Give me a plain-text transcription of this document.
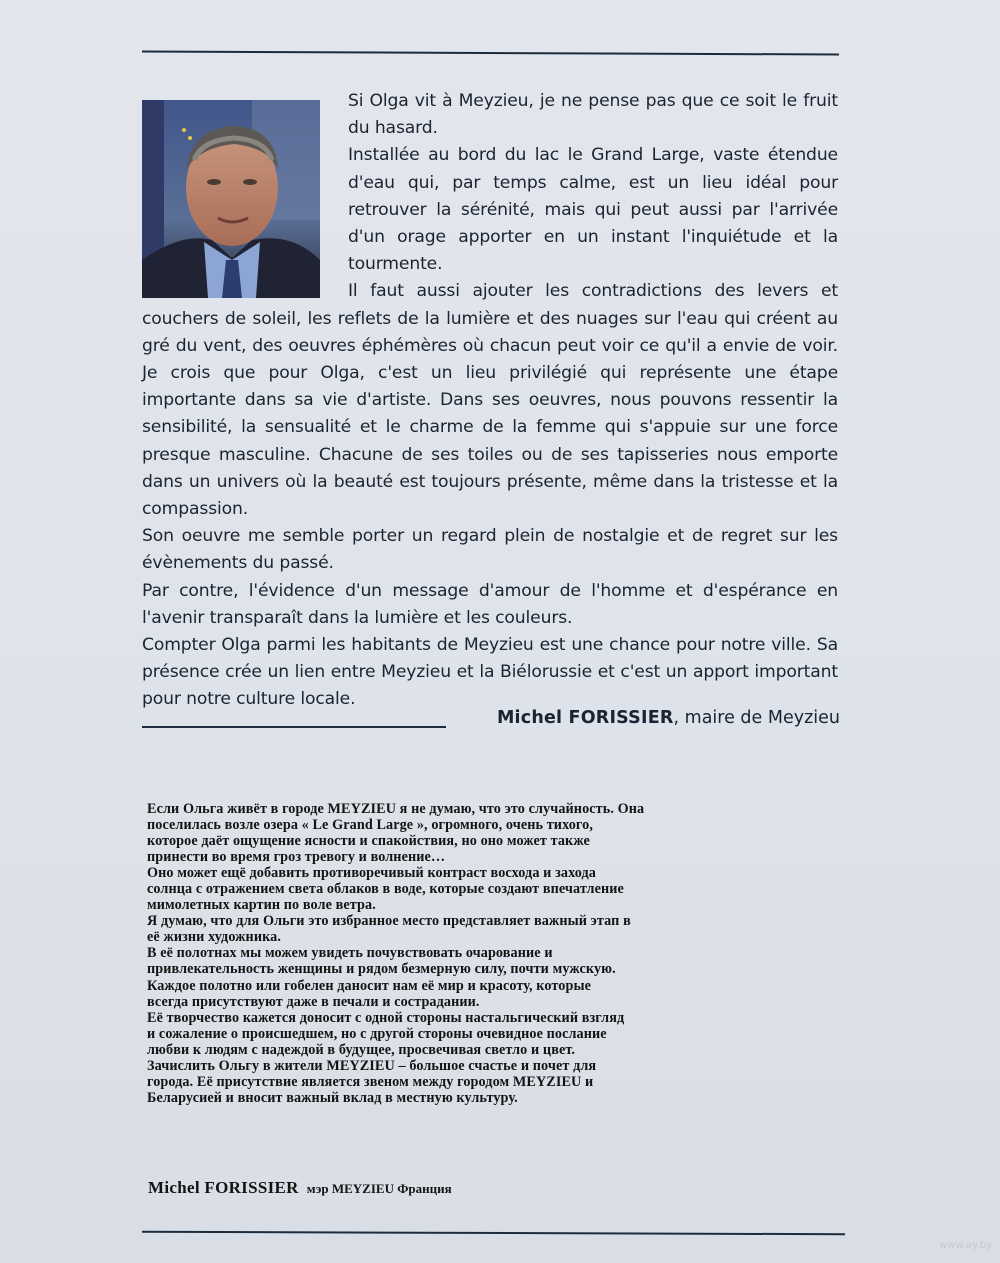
Si Olga vit à Meyzieu, je ne pense pas que ce soit le fruit du hasard.

Installée au bord du lac le Grand Large, vaste étendue d'eau qui, par temps calme, est un lieu idéal pour retrouver la sérénité, mais qui peut aussi par l'arrivée d'un orage apporter en un instant l'inquiétude et la tourmente.

Il faut aussi ajouter les contradictions des levers et couchers de soleil, les reflets de la lumière et des nuages sur l'eau qui créent au gré du vent, des oeuvres éphémères où chacun peut voir ce qu'il a envie de voir. Je crois que pour Olga, c'est un lieu privilégié qui représente une étape importante dans sa vie d'artiste. Dans ses oeuvres, nous pouvons ressentir la sensibilité, la sensualité et le charme de la femme qui s'appuie sur une force presque masculine. Chacune de ses toiles ou de ses tapisseries nous emporte dans un univers où la beauté est toujours présente, même dans la tristesse et la compassion.

Son oeuvre me semble porter un regard plein de nostalgie et de regret sur les évènements du passé.

Par contre, l'évidence d'un message d'amour de l'homme et d'espérance en l'avenir transparaît dans la lumière et les couleurs.

Compter Olga parmi les habitants de Meyzieu est une chance pour notre ville. Sa présence crée un lien entre Meyzieu et la Biélorussie et c'est un apport important pour notre culture locale.

Michel FORISSIER, maire de Meyzieu
Если Ольга живёт в городе MEYZIEU я не думаю, что это случайность. Она
поселилась возле озера « Le Grand Large », огромного, очень тихого,
которое даёт ощущение ясности и спакойствия, но оно может также
принести во время гроз тревогу и волнение…
Оно может ещё добавить противоречивый контраст восхода и захода
солнца с отражением света облаков в воде, которые создают впечатление
мимолетных картин по воле ветра.
Я думаю, что для Ольги это избранное место представляет важный этап в
её жизни художника.
В её полотнах мы можем увидеть почувствовать очарование и
привлекательность женщины и рядом безмерную силу, почти мужскую.
Каждое полотно или гобелен даносит нам её мир и красоту, которые
всегда присутствуют даже в печали и сострадании.
Её творчество кажется доносит с одной стороны настальгический взгляд
и сожаление о происшедшем, но с другой стороны очевидное послание
любви к людям с надеждой в будущее, просвечивая светло и цвет.
Зачислить Ольгу в жители MEYZIEU – большое счастье и почет для
города. Её присутствие является звеном между городом MEYZIEU и
Беларусией и вносит важный вклад в местную культуру.
Michel FORISSIER мэр MEYZIEU Франция
www.ay.by
